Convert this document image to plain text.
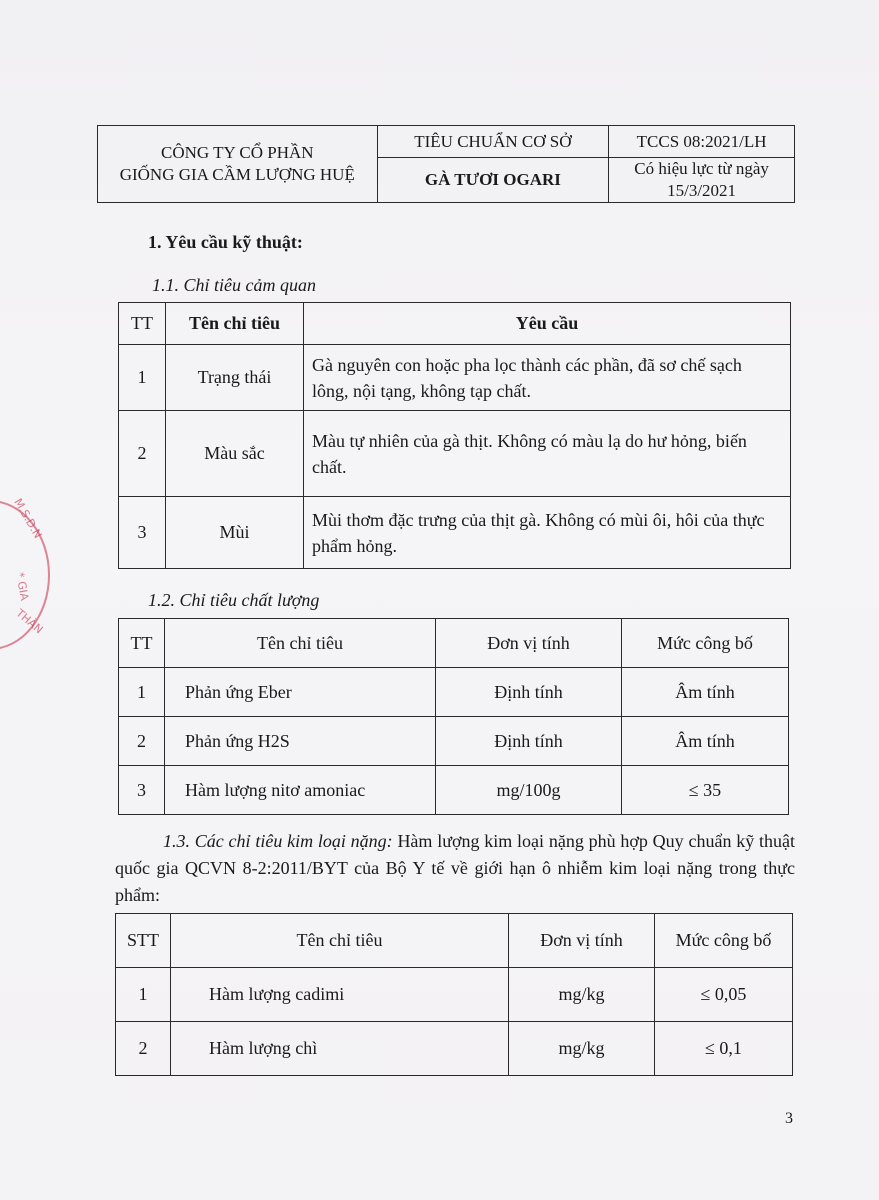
M.S.D.N
* GIA
THÀN
CÔNG TY CỔ PHẦN
GIỐNG GIA CẦM LƯỢNG HUỆ	TIÊU CHUẨN CƠ SỞ	TCCS 08:2021/LH
	GÀ TƯƠI OGARI	Có hiệu lực từ ngày
15/3/2021
1. Yêu cầu kỹ thuật:
1.1. Chỉ tiêu cảm quan
TT	Tên chỉ tiêu	Yêu cầu
1	Trạng thái	Gà nguyên con hoặc pha lọc thành các phần, đã sơ chế sạch lông, nội tạng, không tạp chất.
2	Màu sắc	Màu tự nhiên của gà thịt. Không có màu lạ do hư hỏng, biến chất.
3	Mùi	Mùi thơm đặc trưng của thịt gà. Không có mùi ôi, hôi của thực phẩm hỏng.
1.2. Chỉ tiêu chất lượng
TT	Tên chỉ tiêu	Đơn vị tính	Mức công bố
1	Phản ứng Eber	Định tính	Âm tính
2	Phản ứng H2S	Định tính	Âm tính
3	Hàm lượng nitơ amoniac	mg/100g	≤ 35
1.3. Các chỉ tiêu kim loại nặng: Hàm lượng kim loại nặng phù hợp Quy chuẩn kỹ thuật quốc gia QCVN 8-2:2011/BYT của Bộ Y tế về giới hạn ô nhiễm kim loại nặng trong thực phẩm:
STT	Tên chỉ tiêu	Đơn vị tính	Mức công bố
1	Hàm lượng cadimi	mg/kg	≤ 0,05
2	Hàm lượng chì	mg/kg	≤ 0,1
3
